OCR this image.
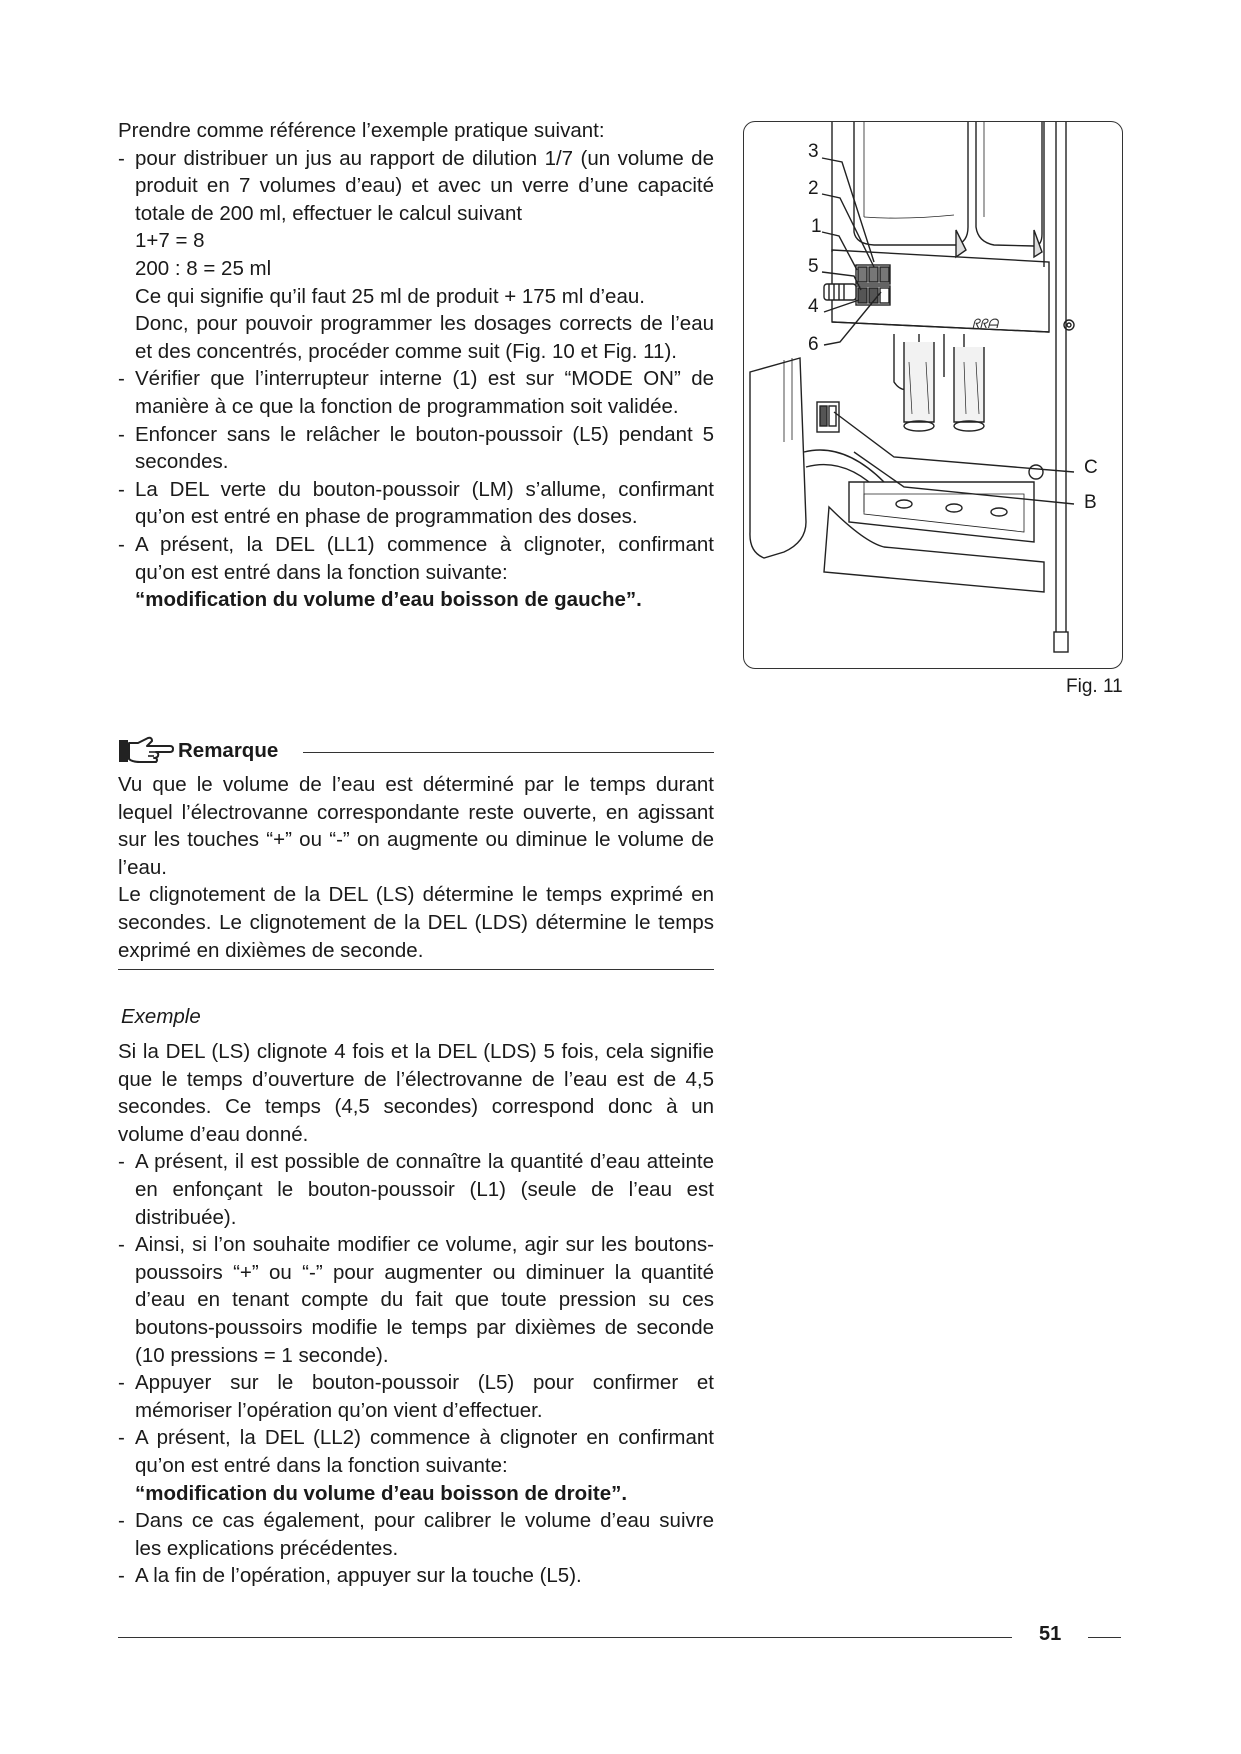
Prendre comme référence l’exemple pratique suivant:

- pour distribuer un jus au rapport de dilution 1/7 (un volume de produit en 7 volumes d’eau) et avec un verre d’une capacité totale de 200 ml, effectuer le calcul suivant
1+7 = 8
200 : 8 = 25 ml
Ce qui signifie qu’il faut 25 ml de produit + 175 ml d’eau.
Donc, pour pouvoir programmer les dosages corrects de l’eau et des concentrés, procéder comme suit (Fig. 10 et Fig. 11).
- Vérifier que l’interrupteur interne (1) est sur “MODE ON” de manière à ce que la fonction de programmation soit validée.
- Enfoncer sans le relâcher le bouton-poussoir (L5) pendant 5 secondes.
- La DEL verte du bouton-poussoir (LM) s’allume, confirmant qu’on est entré en phase de programmation des doses.
- A présent, la DEL (LL1) commence à clignoter, confirmant qu’on est entré dans la fonction suivante:
“modification du volume d’eau boisson de gauche”.
Remarque

Vu que le volume de l’eau est déterminé par le temps durant lequel l’électrovanne correspondante reste ouverte, en agissant sur les touches “+” ou “-” on augmente ou diminue le volume de l’eau.

Le clignotement de la DEL (LS) détermine le temps exprimé en secondes. Le clignotement de la DEL (LDS) détermine le temps exprimé en dixièmes de seconde.

Exemple

Si la DEL (LS) clignote 4 fois et la DEL (LDS) 5 fois, cela signifie que le temps d’ouverture de l’électrovanne de l’eau est de 4,5 secondes. Ce temps (4,5 secondes) correspond donc à un volume d’eau donné.

- A présent, il est possible de connaître la quantité d’eau atteinte en enfonçant le bouton-poussoir (L1) (seule de l’eau est distribuée).
- Ainsi, si l’on souhaite modifier ce volume, agir sur les boutons-poussoirs “+” ou “-” pour augmenter ou diminuer la quantité d’eau en tenant compte du fait que toute pression su ces boutons-poussoirs modifie le temps par dixièmes de seconde (10 pressions = 1 seconde).
- Appuyer sur le bouton-poussoir (L5) pour confirmer et mémoriser l’opération qu’on vient d’effectuer.
- A présent, la DEL (LL2) commence à clignoter en confirmant qu’on est entré dans la fonction suivante:
“modification du volume d’eau boisson de droite”.
- Dans ce cas également, pour calibrer le volume d’eau suivre les explications précédentes.
- A la fin de l’opération, appuyer sur la touche (L5).
ᖇᖇᗩ
3
2
1
5
4
6
C
B
Fig. 11
51
